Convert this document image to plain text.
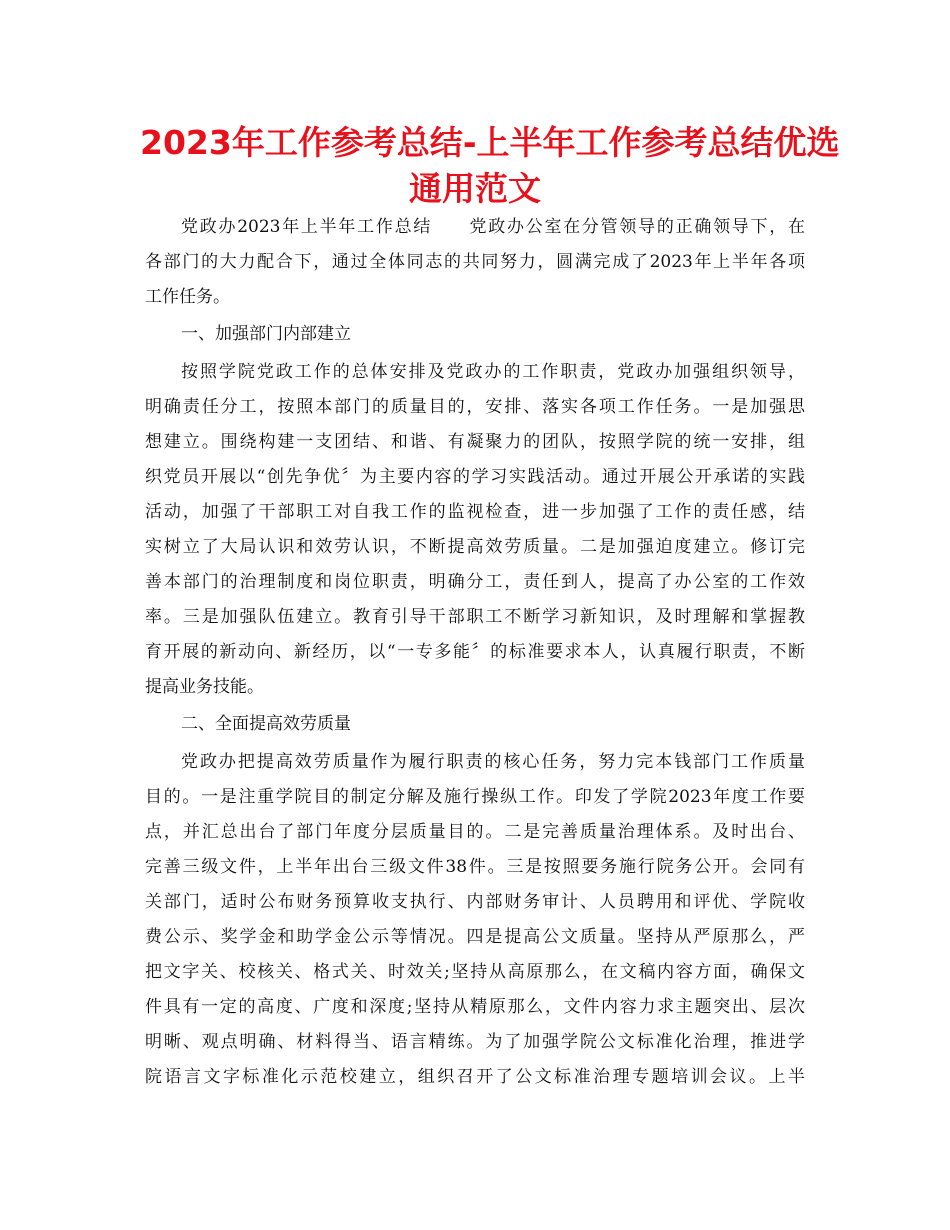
2023年工作参考总结-上半年工作参考总结优选
通用范文
党政办2023年上半年工作总结　　党政办公室在分管领导的正确领导下，在
各部门的大力配合下，通过全体同志的共同努力，圆满完成了2023年上半年各项
工作任务。
一、加强部门内部建立
按照学院党政工作的总体安排及党政办的工作职责，党政办加强组织领导，
明确责任分工，按照本部门的质量目的，安排、落实各项工作任务。一是加强思
想建立。围绕构建一支团结、和谐、有凝聚力的团队，按照学院的统一安排，组
织党员开展以“创先争优〞为主要内容的学习实践活动。通过开展公开承诺的实践
活动，加强了干部职工对自我工作的监视检查，进一步加强了工作的责任感，结
实树立了大局认识和效劳认识，不断提高效劳质量。二是加强迫度建立。修订完
善本部门的治理制度和岗位职责，明确分工，责任到人，提高了办公室的工作效
率。三是加强队伍建立。教育引导干部职工不断学习新知识，及时理解和掌握教
育开展的新动向、新经历，以“一专多能〞的标准要求本人，认真履行职责，不断
提高业务技能。
二、全面提高效劳质量
党政办把提高效劳质量作为履行职责的核心任务，努力完本钱部门工作质量
目的。一是注重学院目的制定分解及施行操纵工作。印发了学院2023年度工作要
点，并汇总出台了部门年度分层质量目的。二是完善质量治理体系。及时出台、
完善三级文件，上半年出台三级文件38件。三是按照要务施行院务公开。会同有
关部门，适时公布财务预算收支执行、内部财务审计、人员聘用和评优、学院收
费公示、奖学金和助学金公示等情况。四是提高公文质量。坚持从严原那么，严
把文字关、校核关、格式关、时效关;坚持从高原那么，在文稿内容方面，确保文
件具有一定的高度、广度和深度;坚持从精原那么，文件内容力求主题突出、层次
明晰、观点明确、材料得当、语言精练。为了加强学院公文标准化治理，推进学
院语言文字标准化示范校建立，组织召开了公文标准治理专题培训会议。上半
